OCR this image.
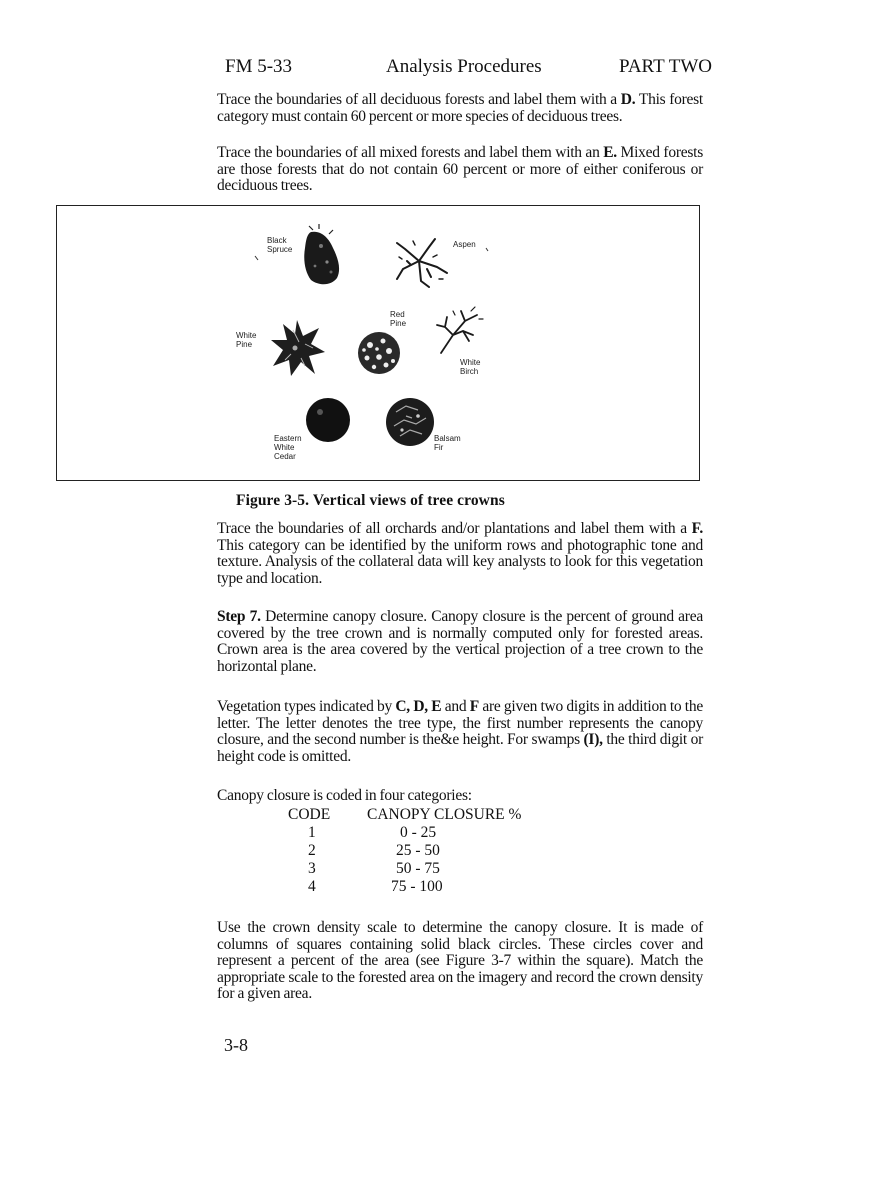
FM 5-33	Analysis Procedures	PART TWO
Trace the boundaries of all deciduous forests and label them with a D. This forest category must contain 60 percent or more species of deciduous trees.
Trace the boundaries of all mixed forests and label them with an E. Mixed forests are those forests that do not contain 60 percent or more of either coniferous or deciduous trees.
Black
Spruce
Aspen
Red
Pine
White
Pine
White
Birch
Eastern
White
Cedar
Balsam
Fir
Figure 3-5. Vertical views of tree crowns
Trace the boundaries of all orchards and/or plantations and label them with a F. This category can be identified by the uniform rows and photographic tone and texture. Analysis of the collateral data will key analysts to look for this vegetation type and location.
Step 7. Determine canopy closure. Canopy closure is the percent of ground area covered by the tree crown and is normally computed only for forested areas. Crown area is the area covered by the vertical projection of a tree crown to the horizontal plane.
Vegetation types indicated by C, D, E and F are given two digits in addition to the letter. The letter denotes the tree type, the first number represents the canopy closure, and the second number is the&e height. For swamps (I), the third digit or height code is omitted.
Canopy closure is coded in four categories:
CODE CANOPY CLOSURE %
1	0 - 25
2	25 - 50
3	50 - 75
4	75 - 100
Use the crown density scale to determine the canopy closure. It is made of columns of squares containing solid black circles. These circles cover and represent a percent of the area (see Figure 3-7 within the square). Match the appropriate scale to the forested area on the imagery and record the crown density for a given area.
3-8
